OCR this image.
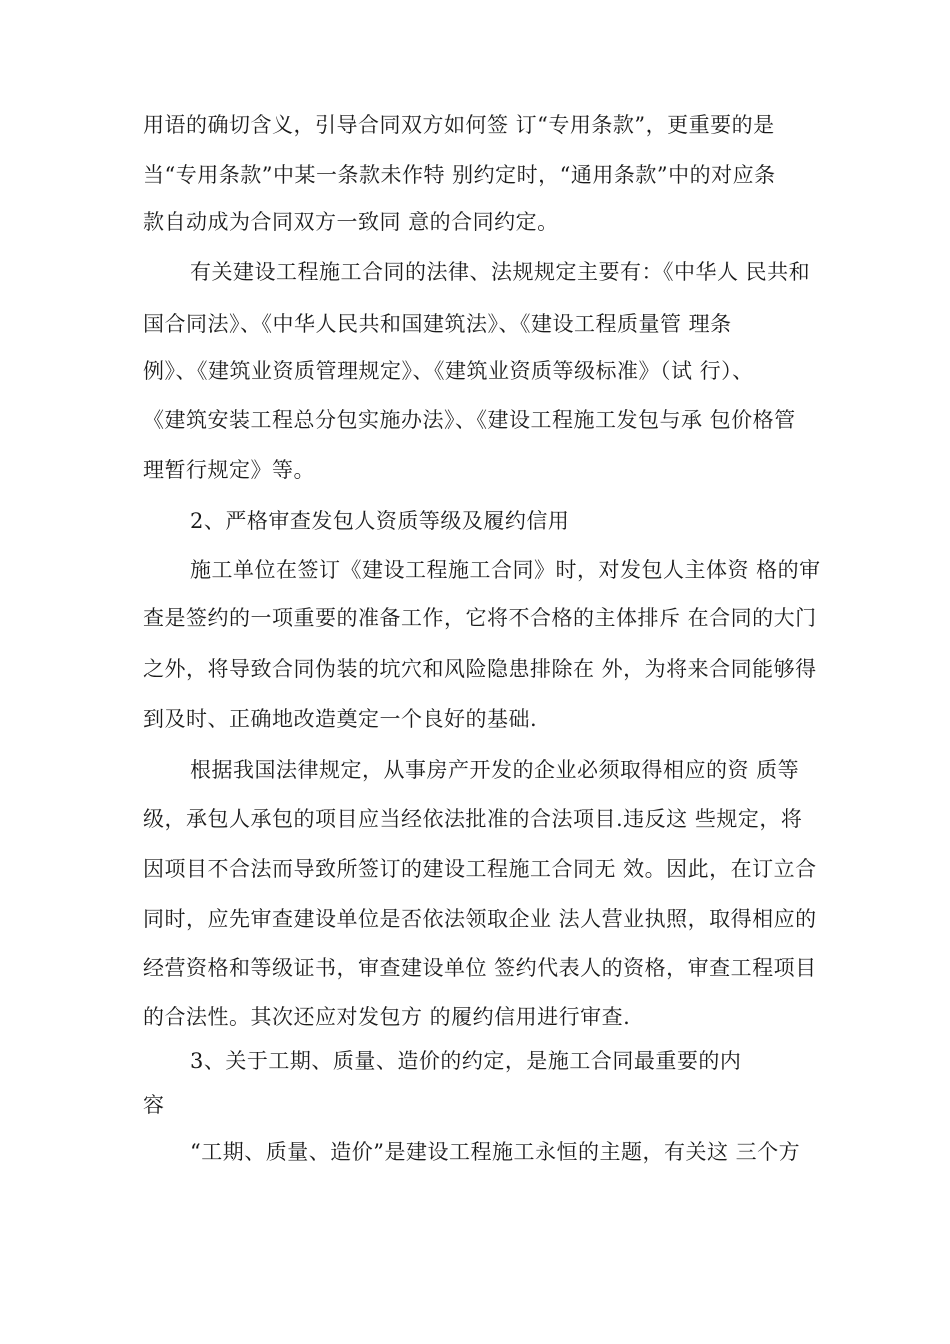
用语的确切含义，引导合同双方如何签 订“专用条款”，更重要的是
当“专用条款”中某一条款未作特 别约定时，“通用条款”中的对应条
款自动成为合同双方一致同 意的合同约定。
有关建设工程施工合同的法律、法规规定主要有：《中华人 民共和
国合同法》、《中华人民共和国建筑法》、《建设工程质量管 理条
例》、《建筑业资质管理规定》、《建筑业资质等级标准》（试 行）、
《建筑安装工程总分包实施办法》、《建设工程施工发包与承 包价格管
理暂行规定》等。
2、严格审查发包人资质等级及履约信用
施工单位在签订《建设工程施工合同》时，对发包人主体资 格的审
查是签约的一项重要的准备工作，它将不合格的主体排斥 在合同的大门
之外，将导致合同伪装的坑穴和风险隐患排除在 外，为将来合同能够得
到及时、正确地改造奠定一个良好的基础.
根据我国法律规定，从事房产开发的企业必须取得相应的资 质等
级，承包人承包的项目应当经依法批准的合法项目.违反这 些规定，将
因项目不合法而导致所签订的建设工程施工合同无 效。因此，在订立合
同时，应先审查建设单位是否依法领取企业 法人营业执照，取得相应的
经营资格和等级证书，审查建设单位 签约代表人的资格，审查工程项目
的合法性。其次还应对发包方 的履约信用进行审查.
3、关于工期、质量、造价的约定，是施工合同最重要的内
容
“工期、质量、造价”是建设工程施工永恒的主题，有关这 三个方
